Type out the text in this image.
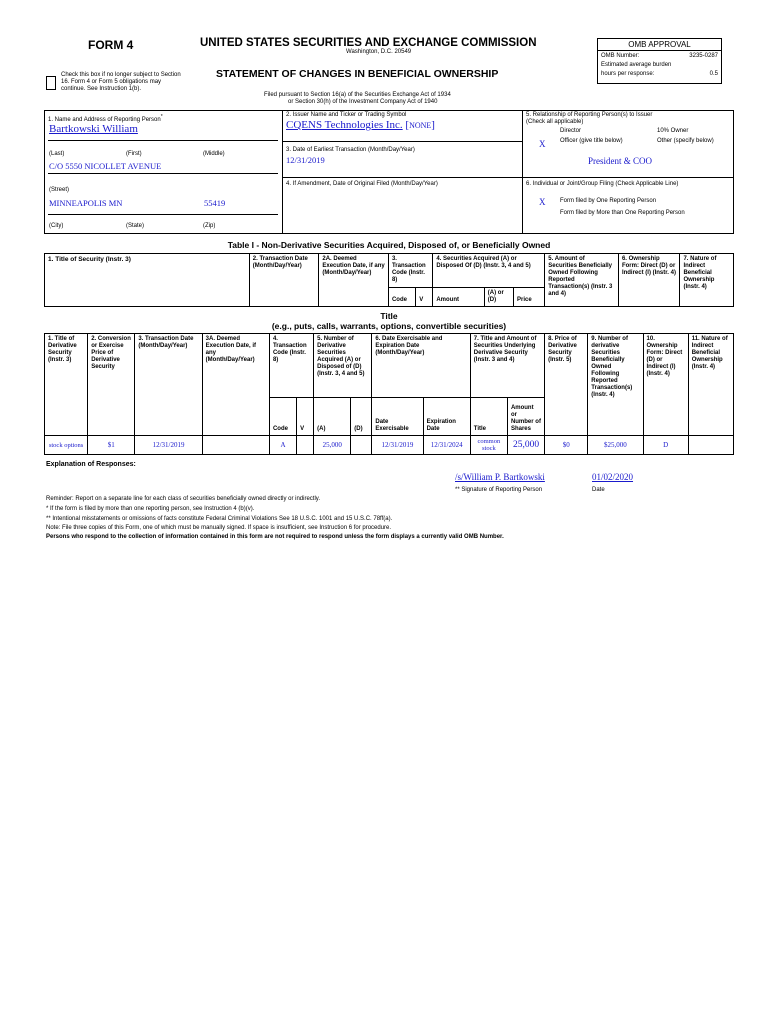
FORM 4	UNITED STATES SECURITIES AND EXCHANGE COMMISSION
Washington, D.C. 20549
STATEMENT OF CHANGES IN BENEFICIAL OWNERSHIP
Check this box if no longer subject to Section 16. Form 4 or Form 5 obligations may continue. See Instruction 1(b).
Filed pursuant to Section 16(a) of the Securities Exchange Act of 1934
or Section 30(h) of the Investment Company Act of 1940
OMB APPROVAL
OMB Number:	3235-0287
Estimated average burden
hours per response:	0.5
1. Name and Address of Reporting Person*
Bartkowski William
(Last)	(First)	(Middle)
C/O 5550 NICOLLET AVENUE
(Street)
MINNEAPOLIS MN	55419
(City)	(State)	(Zip)
2. Issuer Name and Ticker or Trading Symbol
CQENS Technologies Inc. [NONE]
3. Date of Earliest Transaction (Month/Day/Year)
12/31/2019
4. If Amendment, Date of Original Filed (Month/Day/Year)
5. Relationship of Reporting Person(s) to Issuer
(Check all applicable)
Director	10% Owner
X Officer (give title below)	Other (specify below)
President & COO
6. Individual or Joint/Group Filing (Check Applicable Line)
X Form filed by One Reporting Person
Form filed by More than One Reporting Person
Table I - Non-Derivative Securities Acquired, Disposed of, or Beneficially Owned
1. Title of Security (Instr. 3)	2. Transaction Date (Month/Day/Year)	2A. Deemed Execution Date, if any (Month/Day/Year)	3. Transaction Code (Instr. 8)		4. Securities Acquired (A) or Disposed Of (D) (Instr. 3, 4 and 5)			5. Amount of Securities Beneficially Owned Following Reported Transaction(s) (Instr. 3 and 4)	6. Ownership Form: Direct (D) or Indirect (I) (Instr. 4)	7. Nature of Indirect Beneficial Ownership (Instr. 4)
			Code	V	Amount	(A) or (D)	Price			
Title
(e.g., puts, calls, warrants, options, convertible securities)
1. Title of Derivative Security (Instr. 3)	2. Conversion or Exercise Price of Derivative Security	3. Transaction Date (Month/Day/Year)	3A. Deemed Execution Date, if any (Month/Day/Year)	4. Transaction Code (Instr. 8)		5. Number of Derivative Securities Acquired (A) or Disposed of (D) (Instr. 3, 4 and 5)		6. Date Exercisable and Expiration Date (Month/Day/Year)		7. Title and Amount of Securities Underlying Derivative Security (Instr. 3 and 4)		8. Price of Derivative Security (Instr. 5)	9. Number of derivative Securities Beneficially Owned Following Reported Transaction(s) (Instr. 4)	10. Ownership Form: Direct (D) or Indirect (I) (Instr. 4)	11. Nature of Indirect Beneficial Ownership (Instr. 4)
				Code	V	(A)	(D)	Date Exercisable	Expiration Date	Title	Amount or Number of Shares				
stock options	$1	12/31/2019		A		25,000		12/31/2019	12/31/2024	common stock	25,000	$0	$25,000	D	
Explanation of Responses:
/s/William P. Bartkowski	01/02/2020
** Signature of Reporting Person	Date
Reminder: Report on a separate line for each class of securities beneficially owned directly or indirectly.
* If the form is filed by more than one reporting person, see Instruction 4 (b)(v).
** Intentional misstatements or omissions of facts constitute Federal Criminal Violations See 18 U.S.C. 1001 and 15 U.S.C. 78ff(a).
Note: File three copies of this Form, one of which must be manually signed. If space is insufficient, see Instruction 6 for procedure.
Persons who respond to the collection of information contained in this form are not required to respond unless the form displays a currently valid OMB Number.
